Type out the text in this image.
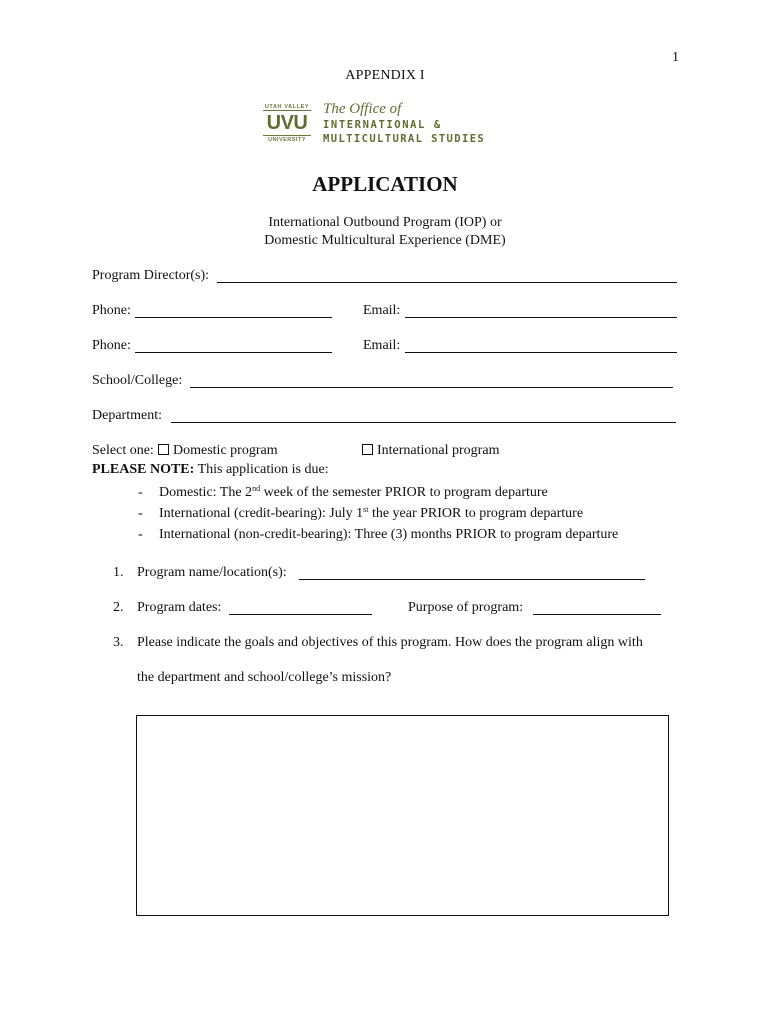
1
APPENDIX I
UTAH VALLEY
UVU
UNIVERSITY
The Office of
INTERNATIONAL &
MULTICULTURAL STUDIES
APPLICATION
International Outbound Program (IOP) or
Domestic Multicultural Experience (DME)
Program Director(s):
Phone:	Email:
Phone:	Email:
School/College:
Department:
Select one:	Domestic program	International program
PLEASE NOTE: This application is due:
- Domestic: The 2nd week of the semester PRIOR to program departure
- International (credit-bearing): July 1st the year PRIOR to program departure
- International (non-credit-bearing): Three (3) months PRIOR to program departure
1. Program name/location(s):
2. Program dates:	Purpose of program:
3. Please indicate the goals and objectives of this program. How does the program align with
the department and school/college’s mission?
